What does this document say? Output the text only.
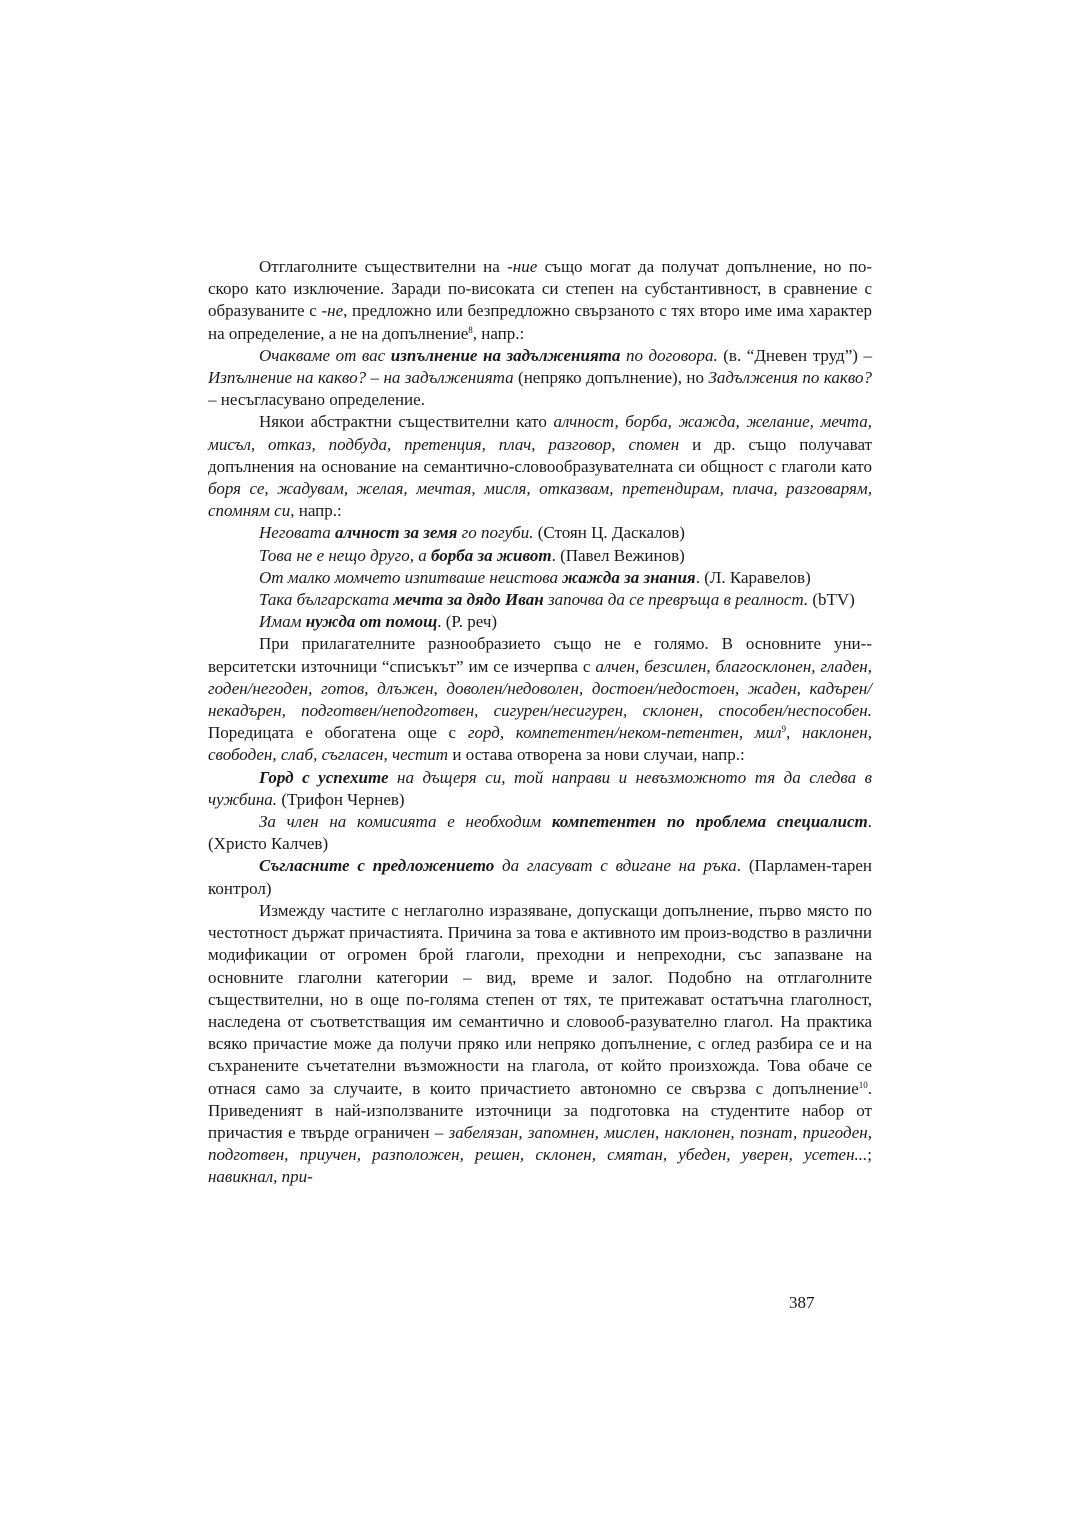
Отглаголните съществителни на -ние също могат да получат допълнение, но по-скоро като изключение. Заради по-високата си степен на субстантивност, в сравнение с образуваните с -не, предложно или безпредложно свързаното с тях второ име има характер на определение, а не на допълнение$^8$, напр.:

Очакваме от вас изпълнение на задълженията по договора. (в. “Дневен труд”) – Изпълнение на какво? – на задълженията (непряко допълнение), но Задължения по какво? – несъгласувано определение.

Някои абстрактни съществителни като алчност, борба, жажда, желание, мечта, мисъл, отказ, подбуда, претенция, плач, разговор, спомен и др. също получават допълнения на основание на семантично-словообразувателната си общност с глаголи като боря се, жадувам, желая, мечтая, мисля, отказвам, претендирам, плача, разговарям, спомням си, напр.:

Неговата алчност за земя го погуби. (Стоян Ц. Даскалов)

Това не е нещо друго, а борба за живот. (Павел Вежинов)

От малко момчето изпитваше неистова жажда за знания. (Л. Каравелов)

Така българската мечта за дядо Иван започва да се превръща в реалност. (bTV)

Имам нужда от помощ. (Р. реч)

При прилагателните разнообразието също не е голямо. В основните уни-верситетски източници “списъкът” им се изчерпва с алчен, безсилен, благосклонен, гладен, годен/негоден, готов, длъжен, доволен/недоволен, достоен/недостоен, жаден, кадърен/некадърен, подготвен/неподготвен, сигурен/несигурен, склонен, способен/неспособен. Поредицата е обогатена още с горд, компетентен/неком-петентен, мил$^9$, наклонен, свободен, слаб, съгласен, честит и остава отворена за нови случаи, напр.:

Горд с успехите на дъщеря си, той направи и невъзможното тя да следва в чужбина. (Трифон Чернев)

За член на комисията е необходим компетентен по проблема специалист. (Христо Калчев)

Съгласните с предложението да гласуват с вдигане на ръка. (Парламен-тарен контрол)

Измежду частите с неглаголно изразяване, допускащи допълнение, първо място по честотност държат причастията. Причина за това е активното им произ-водство в различни модификации от огромен брой глаголи, преходни и непреходни, със запазване на основните глаголни категории – вид, време и залог. Подобно на отглаголните съществителни, но в още по-голяма степен от тях, те притежават остатъчна глаголност, наследена от съответстващия им семантично и словооб-разувателно глагол. На практика всяко причастие може да получи пряко или непряко допълнение, с оглед разбира се и на съхранените съчетателни възможности на глагола, от който произхожда. Това обаче се отнася само за случаите, в които причастието автономно се свързва с допълнение$^{10}$. Приведеният в най-използваните източници за подготовка на студентите набор от причастия е твърде ограничен – забелязан, запомнен, мислен, наклонен, познат, пригоден, подготвен, приучен, разположен, решен, склонен, смятан, убеден, уверен, усетен...; навикнал, при-

387
